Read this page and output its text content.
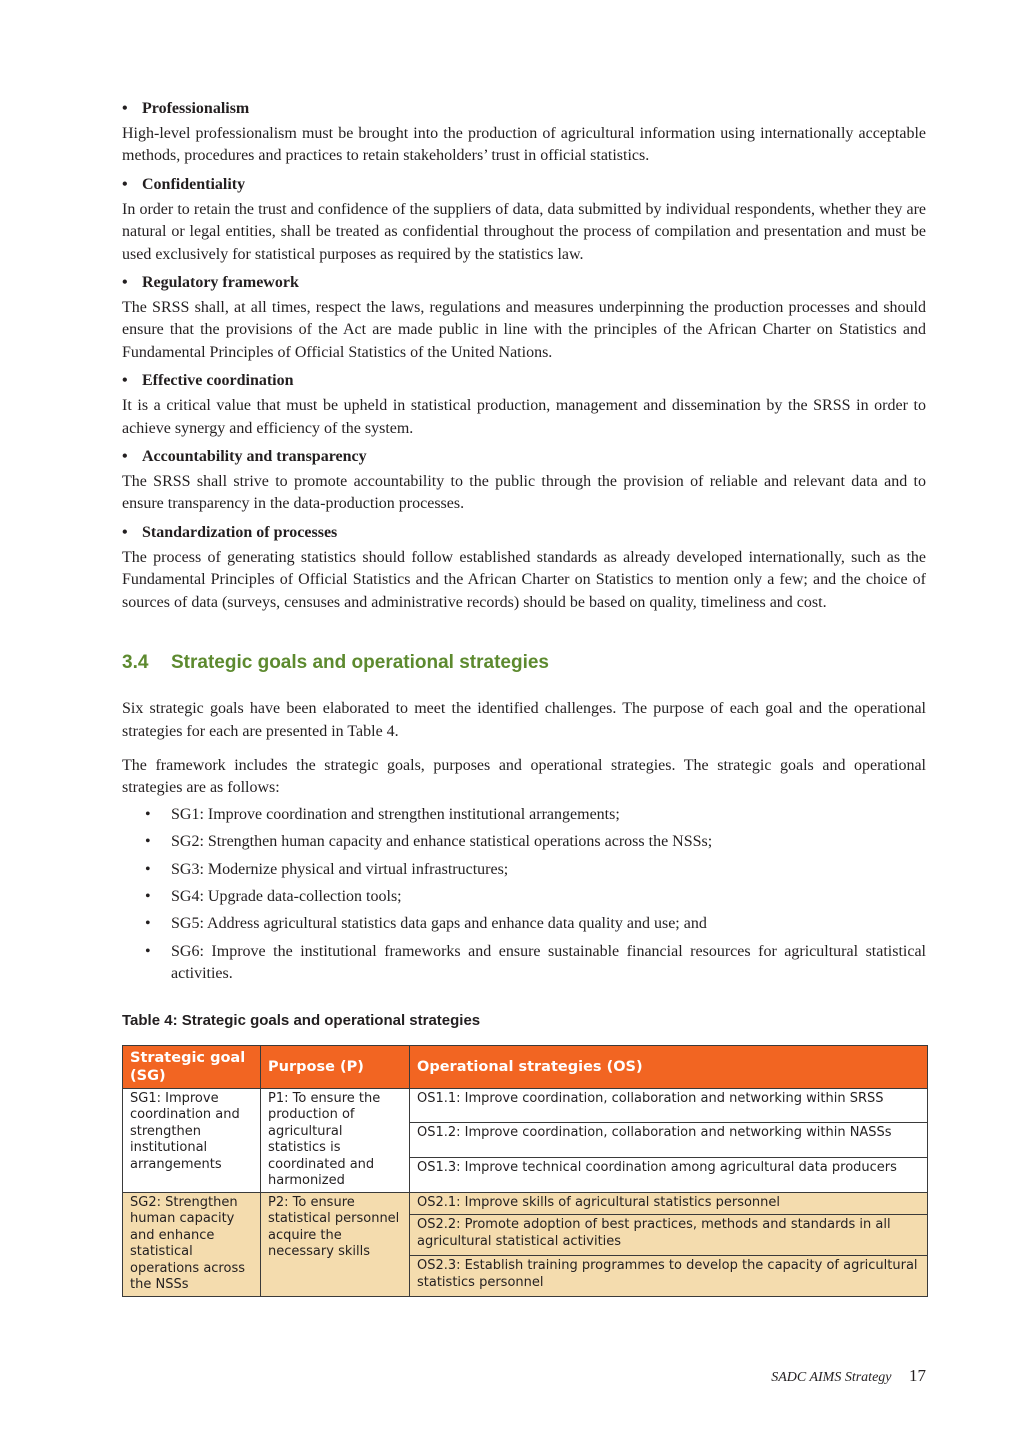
• Professionalism

High-level professionalism must be brought into the production of agricultural information using internationally acceptable methods, procedures and practices to retain stakeholders’ trust in official statistics.

• Confidentiality

In order to retain the trust and confidence of the suppliers of data, data submitted by individual respondents, whether they are natural or legal entities, shall be treated as confidential throughout the process of compilation and presentation and must be used exclusively for statistical purposes as required by the statistics law.

• Regulatory framework

The SRSS shall, at all times, respect the laws, regulations and measures underpinning the production processes and should ensure that the provisions of the Act are made public in line with the principles of the African Charter on Statistics and Fundamental Principles of Official Statistics of the United Nations.

• Effective coordination

It is a critical value that must be upheld in statistical production, management and dissemination by the SRSS in order to achieve synergy and efficiency of the system.

• Accountability and transparency

The SRSS shall strive to promote accountability to the public through the provision of reliable and relevant data and to ensure transparency in the data-production processes.

• Standardization of processes

The process of generating statistics should follow established standards as already developed internationally, such as the Fundamental Principles of Official Statistics and the African Charter on Statistics to mention only a few; and the choice of sources of data (surveys, censuses and administrative records) should be based on quality, timeliness and cost.

3.4 Strategic goals and operational strategies

Six strategic goals have been elaborated to meet the identified challenges. The purpose of each goal and the operational strategies for each are presented in Table 4.

The framework includes the strategic goals, purposes and operational strategies. The strategic goals and operational strategies are as follows:

• SG1: Improve coordination and strengthen institutional arrangements;
• SG2: Strengthen human capacity and enhance statistical operations across the NSSs;
• SG3: Modernize physical and virtual infrastructures;
• SG4: Upgrade data-collection tools;
• SG5: Address agricultural statistics data gaps and enhance data quality and use; and
• SG6: Improve the institutional frameworks and ensure sustainable financial resources for agricultural statistical activities.
Table 4: Strategic goals and operational strategies
Strategic goal (SG)	Purpose (P)	Operational strategies (OS)
SG1: Improve coordination and strengthen institutional arrangements	P1: To ensure the production of agricultural statistics is coordinated and harmonized	OS1.1: Improve coordination, collaboration and networking within SRSS
		OS1.2: Improve coordination, collaboration and networking within NASSs
		OS1.3: Improve technical coordination among agricultural data producers
SG2: Strengthen human capacity and enhance statistical operations across the NSSs	P2: To ensure statistical personnel acquire the necessary skills	OS2.1: Improve skills of agricultural statistics personnel
		OS2.2: Promote adoption of best practices, methods and standards in all agricultural statistical activities
		OS2.3: Establish training programmes to develop the capacity of agricultural statistics personnel
SADC AIMS Strategy 17
